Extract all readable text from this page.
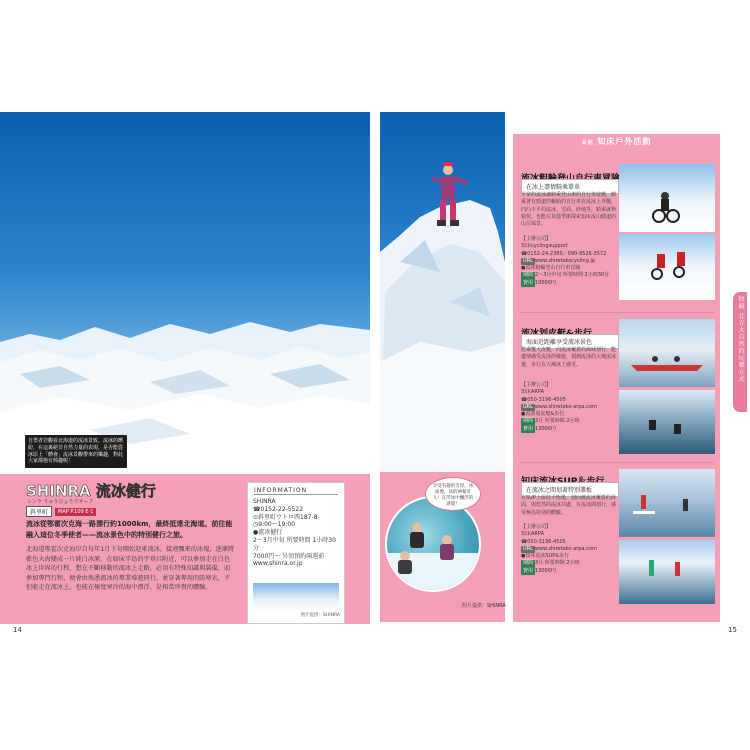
自勇者岩觀看北海道的流冰景致。流冰的繽紛，在這裏絕非自然力量的表現，是否能從冰原上「體會」流冰景觀帶來的樂趣，對此大家都抱有興趣呢！
照片提供：SHINRA
SHINRA 流冰健行
シンラ りゅうひょうウオーク
斜里町	MAP P.109 E-1
流冰從鄂霍次克海一路漂行約1000km，最終抵達北海道。前往能融入這位冬季使者——流冰景色中的特別健行之旅。
北海道鄂霍次克海岸自每年1月下旬開始迎來流冰，接連飄來的冰塊，逐漸將藍色大海變成一片純白冰原。在如床半島的宇登呂附近，可以參加走在白色冰上世界的行程，想在不斷移動的流冰上走路，必須有特殊知識與裝備，而參加專門行程，便會由熟悉流冰的專業導遊同行，並穿著專用的防寒衣，不但能走在流冰上，也能在極度寒冷的海中漂浮，是相當珍貴的體驗。
INFORMATION
SHINRA
☎0152-22-5522
⊙斜里町ウトロ西187-8
◷9:00～19:00
●流冰健行
2～3月中旬 所要時間 1小時30分
7000円～ 另須預約兩週前
www.shinra.or.jp
照片提供：SHINRA
14
照片提供：SHINRA
享受有趣的雪原，冰面像，冰的神秘奇人！在浮冰中飄浮的感覺！
照片提供：SHINRA
其他 知床戶外活動
在冰上盡情騎乘單車
平常的流冰讓騎乘登山車的自行車遊戲，騎乘著有勁道的輪胎的自行車在流冰上奔馳，凹凸不平的流冰、雪面、砂地等，騎乘就夠愉快，也能在其他季節探索知床流山健道的山岳風景。
【主辦公司】
知床cyclingsupport
☎0152-24-2380／090-9526-3572
URL www.shiretokocycling.jp
●流冰粗輪登山自行車冒險
期間 2～3月中旬 所要時間 2小時30分
費用 10000円
海面近距離享受流冰景色
搭乘雙人皮艇，向流冰覆蓋的海域划行，能盡情感受流冰的樣貌，划到流冰的大塊流冰後，步行在大塊冰上感受。
【主辦公司】
知床ARPA
☎050-3196-4505
URL www.shiretoko-arpa.com
●流冰划皮艇&步行
期間 3月 所要時間 2小時
費用 13000円
在流冰之間划著特別槳板
在SUP上保持平衡後，划向被流冰覆蓋的海面，與悠然的流冰共處，在流冰間划行，感受極為特別的體驗。
【主辦公司】
知床ARPA
☎050-3196-4505
URL www.shiretoko-arpa.com
●知床流冰SUP&步行
期間 3月 所要時間 2小時
費用 13000円
特輯 北方大自然的玩樂方式
15
